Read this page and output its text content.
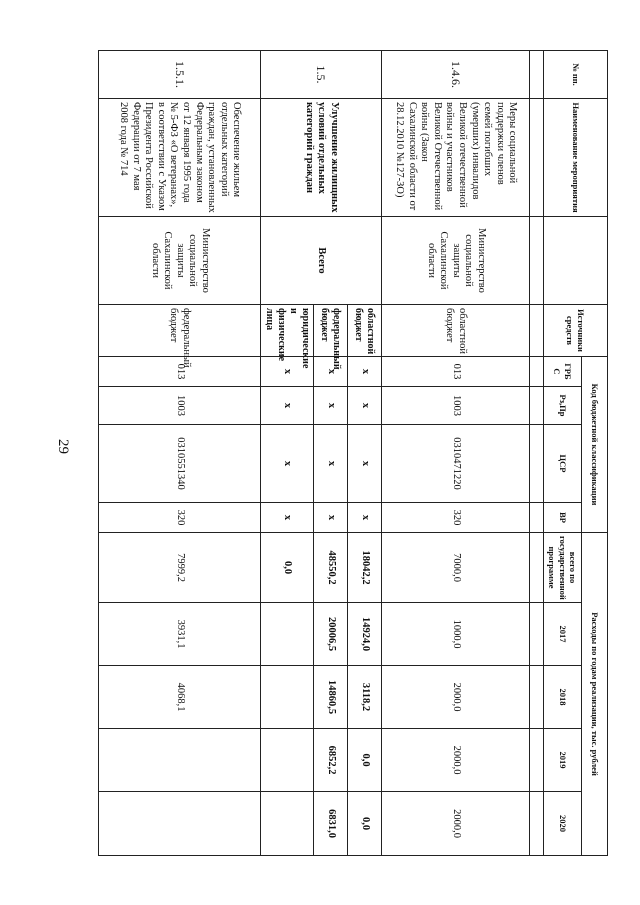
29
№ пп.	Наименование мероприятия		Источники средств	Код бюджетной классификации				Расходы по годам реализации, тыс. рублей				
				ГРБ С	Рз,Пр	ЦСР	ВР	всего по государственной программе	2017	2018	2019	2020

1.4.6.	Меры социальной поддержки членов семей погибших (умерших) инвалидов Великой отечественной войны и участников Великой Отечественной войны (Закон Сахалинской области от 28.12.2010 №127-ЗО)	Министерство социальной защиты Сахалинской области	областной бюджет	013	1003	0310471220	320	7000,0	1000,0	2000,0	2000,0	2000,0
1.5.	Улучшение жилищных условий отдельных категорий граждан	Всего	областной бюджет	х	х	х	х	18042,2	14924,0	3118,2	0,0	0,0
			федеральный бюджет	х	х	х	х	48550,2	20006,5	14860,5	6852,2	6831,0
			юридические и физические лица	х	х	х	х	0,0				
1.5.1.	Обеспечение жильем отдельных категорий граждан, установленных Федеральным законом от 12 января 1995 года № 5-ФЗ «О ветеранах», в соответствии с Указом Президента Российской Федерации от 7 мая 2008 года № 714	Министерство социальной защиты Сахалинской области	федеральный бюджет	013	1003	0310551340	320	7999,2	3931,1	4068,1		
